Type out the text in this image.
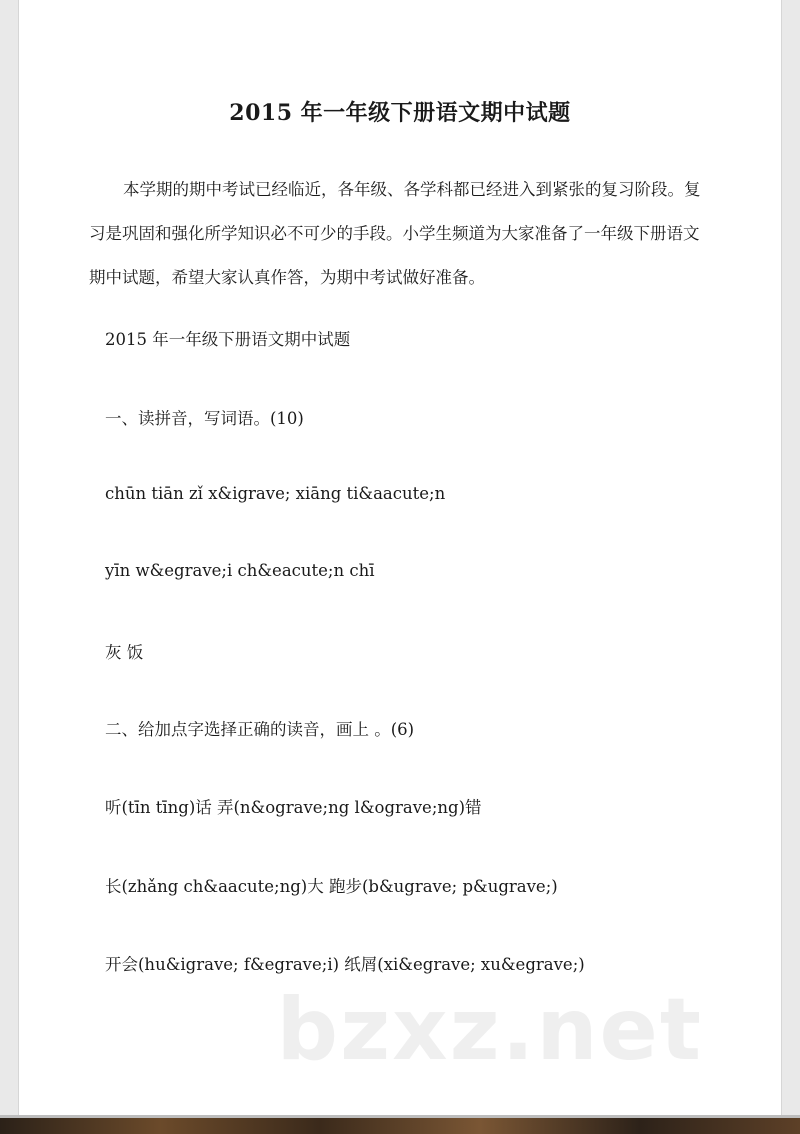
2015 年一年级下册语文期中试题
本学期的期中考试已经临近，各年级、各学科都已经进入到紧张的复习阶段。复习是巩固和强化所学知识必不可少的手段。小学生频道为大家准备了一年级下册语文期中试题，希望大家认真作答，为期中考试做好准备。
2015 年一年级下册语文期中试题
一、读拼音，写词语。(10)
chūn tiān zǐ x&igrave; xiāng ti&aacute;n
yīn w&egrave;i ch&eacute;n chī
灰 饭
二、给加点字选择正确的读音，画上 。(6)
听(tīn tīng)话 弄(n&ograve;ng l&ograve;ng)错
长(zhǎng ch&aacute;ng)大 跑步(b&ugrave; p&ugrave;)
开会(hu&igrave; f&egrave;i) 纸屑(xi&egrave; xu&egrave;)
bzxz.net
